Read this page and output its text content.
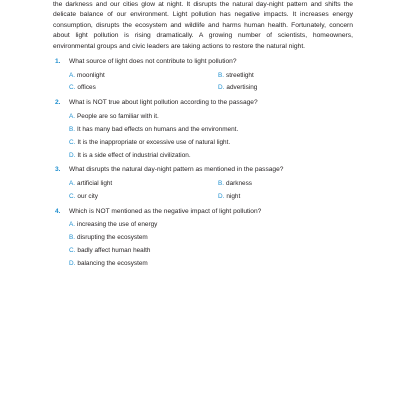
the darkness and our cities glow at night. It disrupts the natural day-night pattern and shifts the delicate balance of our environment. Light pollution has negative impacts. It increases energy consumption, disrupts the ecosystem and wildlife and harms human health. Fortunately, concern about light pollution is rising dramatically. A growing number of scientists, homeowners, environmental groups and civic leaders are taking actions to restore the natural night.

1.	What source of light does not contribute to light pollution?
A. moonlight	B. streetlight
C. offices	D. advertising
2.	What is NOT true about light pollution according to the passage?
A. People are so familiar with it.
B. It has many bad effects on humans and the environment.
C. It is the inappropriate or excessive use of natural light.
D. It is a side effect of industrial civilization.
3.	What disrupts the natural day-night pattern as mentioned in the passage?
A. artificial light	B. darkness
C. our city	D. night
4.	Which is NOT mentioned as the negative impact of light pollution?
A. increasing the use of energy
B. disrupting the ecosystem
C. badly affect human health
D. balancing the ecosystem
